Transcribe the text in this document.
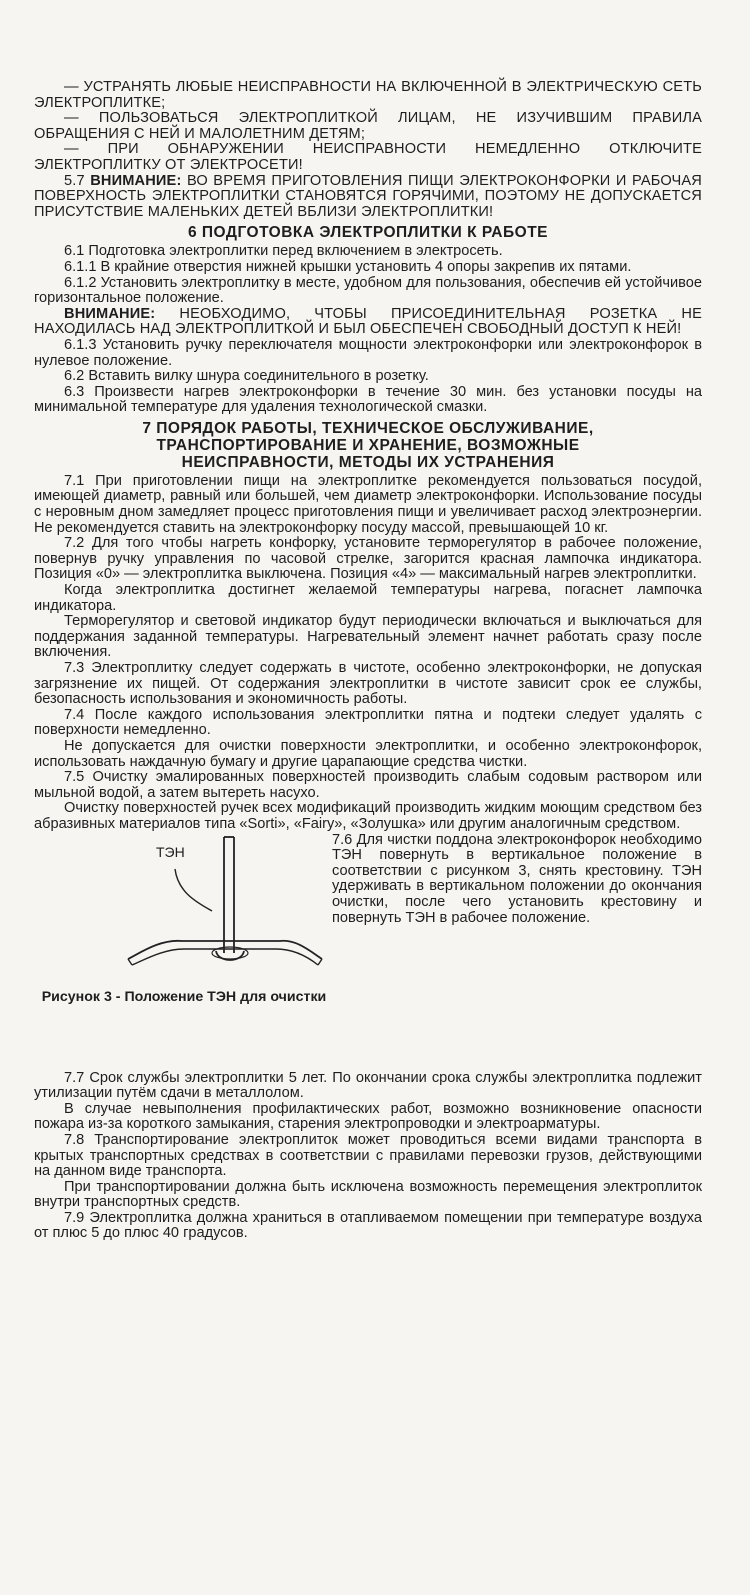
— УСТРАНЯТЬ ЛЮБЫЕ НЕИСПРАВНОСТИ НА ВКЛЮЧЕННОЙ В ЭЛЕКТРИЧЕСКУЮ СЕТЬ ЭЛЕКТРОПЛИТКЕ;

— ПОЛЬЗОВАТЬСЯ ЭЛЕКТРОПЛИТКОЙ ЛИЦАМ, НЕ ИЗУЧИВШИМ ПРАВИЛА ОБРАЩЕНИЯ С НЕЙ И МАЛОЛЕТНИМ ДЕТЯМ;

— ПРИ ОБНАРУЖЕНИИ НЕИСПРАВНОСТИ НЕМЕДЛЕННО ОТКЛЮЧИТЕ ЭЛЕКТРОПЛИТКУ ОТ ЭЛЕКТРОСЕТИ!

5.7 ВНИМАНИЕ: ВО ВРЕМЯ ПРИГОТОВЛЕНИЯ ПИЩИ ЭЛЕКТРОКОНФОРКИ И РАБОЧАЯ ПОВЕРХНОСТЬ ЭЛЕКТРОПЛИТКИ СТАНОВЯТСЯ ГОРЯЧИМИ, ПОЭТОМУ НЕ ДОПУСКАЕТСЯ ПРИСУТСТВИЕ МАЛЕНЬКИХ ДЕТЕЙ ВБЛИЗИ ЭЛЕКТРОПЛИТКИ!

6 ПОДГОТОВКА ЭЛЕКТРОПЛИТКИ К РАБОТЕ

6.1 Подготовка электроплитки перед включением в электросеть.

6.1.1 В крайние отверстия нижней крышки установить 4 опоры закрепив их пятами.

6.1.2 Установить электроплитку в месте, удобном для пользования, обеспечив ей устойчивое горизонтальное положение.

ВНИМАНИЕ: НЕОБХОДИМО, ЧТОБЫ ПРИСОЕДИНИТЕЛЬНАЯ РОЗЕТКА НЕ НАХОДИЛАСЬ НАД ЭЛЕКТРОПЛИТКОЙ И БЫЛ ОБЕСПЕЧЕН СВОБОДНЫЙ ДОСТУП К НЕЙ!

6.1.3 Установить ручку переключателя мощности электроконфорки или электроконфорок в нулевое положение.

6.2 Вставить вилку шнура соединительного в розетку.

6.3 Произвести нагрев электроконфорки в течение 30 мин. без установки посуды на минимальной температуре для удаления технологической смазки.

7 ПОРЯДОК РАБОТЫ, ТЕХНИЧЕСКОЕ ОБСЛУЖИВАНИЕ,
ТРАНСПОРТИРОВАНИЕ И ХРАНЕНИЕ, ВОЗМОЖНЫЕ
НЕИСПРАВНОСТИ, МЕТОДЫ ИХ УСТРАНЕНИЯ

7.1 При приготовлении пищи на электроплитке рекомендуется пользоваться посудой, имеющей диаметр, равный или большей, чем диаметр электроконфорки. Использование посуды с неровным дном замедляет процесс приготовления пищи и увеличивает расход электроэнергии. Не рекомендуется ставить на электроконфорку посуду массой, превышающей 10 кг.

7.2 Для того чтобы нагреть конфорку, установите терморегулятор в рабочее положение, повернув ручку управления по часовой стрелке, загорится красная лампочка индикатора. Позиция «0» — электроплитка выключена. Позиция «4» — максимальный нагрев электроплитки.

Когда электроплитка достигнет желаемой температуры нагрева, погаснет лампочка индикатора.

Терморегулятор и световой индикатор будут периодически включаться и выключаться для поддержания заданной температуры. Нагревательный элемент начнет работать сразу после включения.

7.3 Электроплитку следует содержать в чистоте, особенно электроконфорки, не допуская загрязнение их пищей. От содержания электроплитки в чистоте зависит срок ее службы, безопасность использования и экономичность работы.

7.4 После каждого использования электроплитки пятна и подтеки следует удалять с поверхности немедленно.

Не допускается для очистки поверхности электроплитки, и особенно электроконфорок, использовать наждачную бумагу и другие царапающие средства чистки.

7.5 Очистку эмалированных поверхностей производить слабым содовым раствором или мыльной водой, а затем вытереть насухо.

Очистку поверхностей ручек всех модификаций производить жидким моющим средством без абразивных материалов типа «Sorti», «Fairy», «Золушка» или другим аналогичным средством.

ТЭН
Рисунок 3 - Положение ТЭН для очистки

7.6 Для чистки поддона электроконфорок необходимо ТЭН повернуть в вертикальное положение в соответствии с рисунком 3, снять крестовину. ТЭН удерживать в вертикальном положении до окончания очистки, после чего установить крестовину и повернуть ТЭН в рабочее положение.

7.7 Срок службы электроплитки 5 лет. По окончании срока службы электроплитка подлежит утилизации путём сдачи в металлолом.

В случае невыполнения профилактических работ, возможно возникновение опасности пожара из-за короткого замыкания, старения электропроводки и электроарматуры.

7.8 Транспортирование электроплиток может проводиться всеми видами транспорта в крытых транспортных средствах в соответствии с правилами перевозки грузов, действующими на данном виде транспорта.

При транспортировании должна быть исключена возможность перемещения электроплиток внутри транспортных средств.

7.9 Электроплитка должна храниться в отапливаемом помещении при температуре воздуха от плюс 5 до плюс 40 градусов.
